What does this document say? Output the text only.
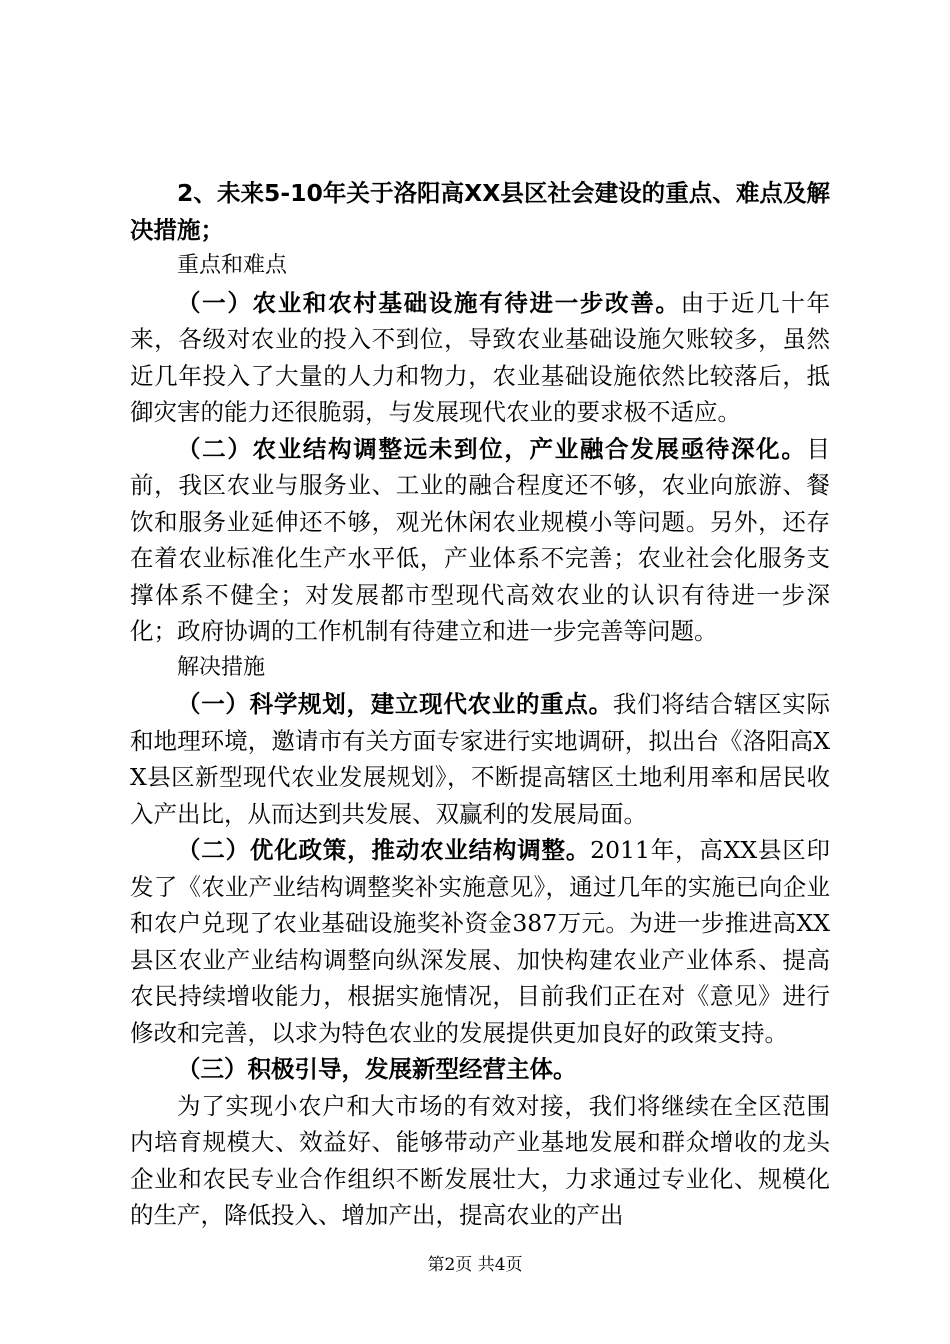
2、未来5-10年关于洛阳高XX县区社会建设的重点、难点及解决措施；

重点和难点

（一）农业和农村基础设施有待进一步改善。由于近几十年来，各级对农业的投入不到位，导致农业基础设施欠账较多，虽然近几年投入了大量的人力和物力，农业基础设施依然比较落后，抵御灾害的能力还很脆弱，与发展现代农业的要求极不适应。

（二）农业结构调整远未到位，产业融合发展亟待深化。目前，我区农业与服务业、工业的融合程度还不够，农业向旅游、餐饮和服务业延伸还不够，观光休闲农业规模小等问题。另外，还存在着农业标准化生产水平低，产业体系不完善；农业社会化服务支撑体系不健全；对发展都市型现代高效农业的认识有待进一步深化；政府协调的工作机制有待建立和进一步完善等问题。

解决措施

（一）科学规划，建立现代农业的重点。我们将结合辖区实际和地理环境，邀请市有关方面专家进行实地调研，拟出台《洛阳高XX县区新型现代农业发展规划》，不断提高辖区土地利用率和居民收入产出比，从而达到共发展、双赢利的发展局面。

（二）优化政策，推动农业结构调整。2011年，高XX县区印发了《农业产业结构调整奖补实施意见》，通过几年的实施已向企业和农户兑现了农业基础设施奖补资金387万元。为进一步推进高XX县区农业产业结构调整向纵深发展、加快构建农业产业体系、提高农民持续增收能力，根据实施情况，目前我们正在对《意见》进行修改和完善，以求为特色农业的发展提供更加良好的政策支持。

（三）积极引导，发展新型经营主体。

为了实现小农户和大市场的有效对接，我们将继续在全区范围内培育规模大、效益好、能够带动产业基地发展和群众增收的龙头企业和农民专业合作组织不断发展壮大，力求通过专业化、规模化的生产，降低投入、增加产出，提高农业的产出

第2页 共4页
